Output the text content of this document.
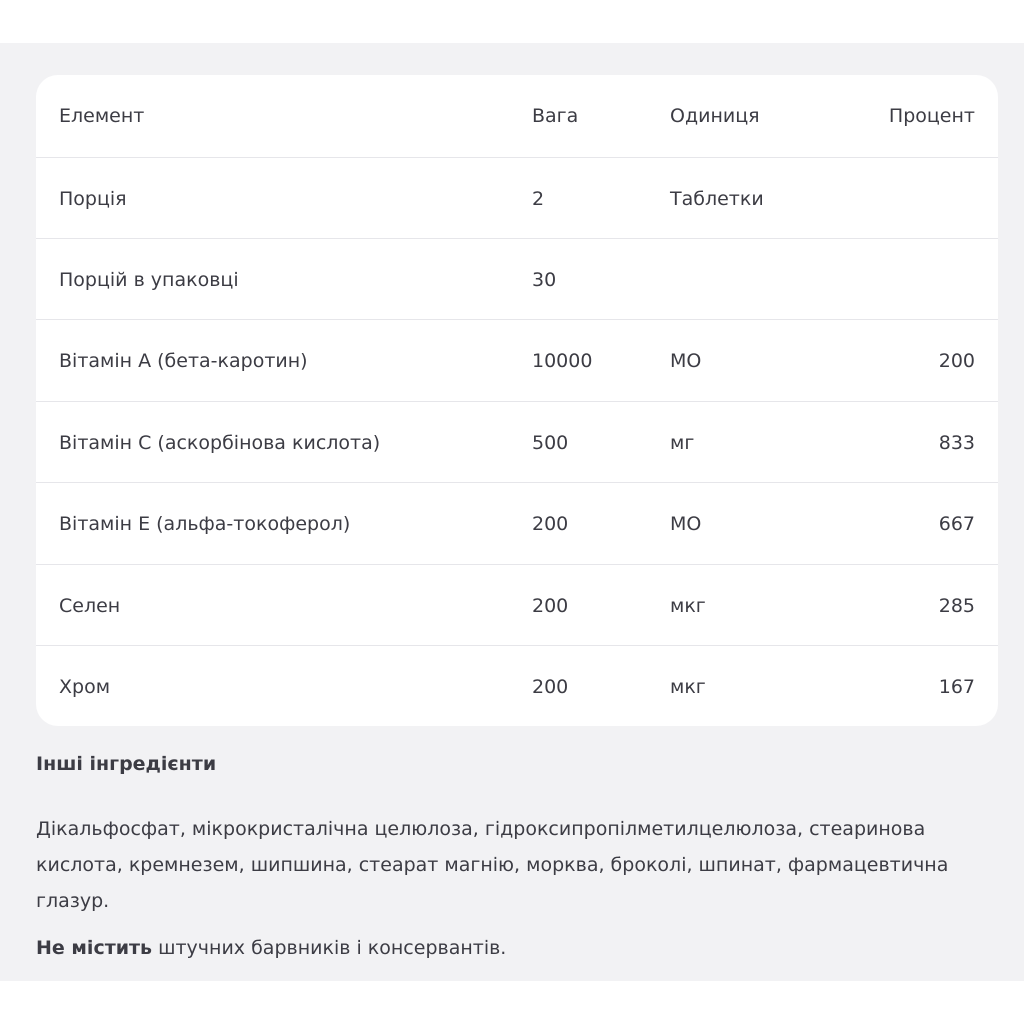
Елемент	Вага	Одиниця	Процент
Порція	2	Таблетки
Порцій в упаковці	30
Вітамін А (бета-каротин)	10000	МО	200
Вітамін С (аскорбінова кислота)	500	мг	833
Вітамін Е (альфа-токоферол)	200	МО	667
Селен	200	мкг	285
Хром	200	мкг	167
Інші інгредієнти
Дікальфосфат, мікрокристалічна целюлоза, гідроксипропілметилцелюлоза, стеаринова кислота, кремнезем, шипшина, стеарат магнію, морква, броколі, шпинат, фармацевтична глазур.
Не містить штучних барвників і консервантів.
